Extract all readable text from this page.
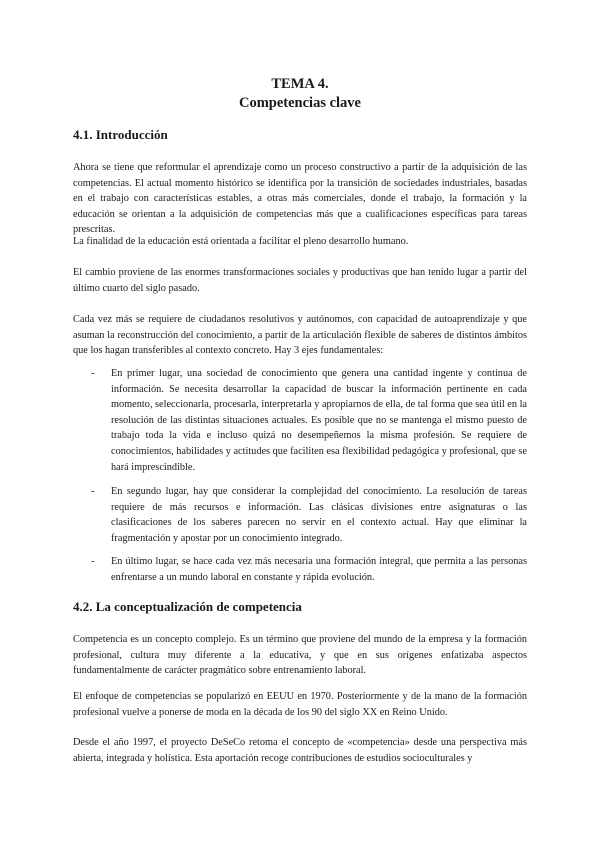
TEMA 4.
Competencias clave
4.1. Introducción

Ahora se tiene que reformular el aprendizaje como un proceso constructivo a partir de la adquisición de las competencias. El actual momento histórico se identifica por la transición de sociedades industriales, basadas en el trabajo con características estables, a otras más comerciales, donde el trabajo, la formación y la educación se orientan a la adquisición de competencias más que a cualificaciones específicas para tareas prescritas.

La finalidad de la educación está orientada a facilitar el pleno desarrollo humano.

El cambio proviene de las enormes transformaciones sociales y productivas que han tenido lugar a partir del último cuarto del siglo pasado.

Cada vez más se requiere de ciudadanos resolutivos y autónomos, con capacidad de autoaprendizaje y que asuman la reconstrucción del conocimiento, a partir de la articulación flexible de saberes de distintos ámbitos que los hagan transferibles al contexto concreto. Hay 3 ejes fundamentales:

- En primer lugar, una sociedad de conocimiento que genera una cantidad ingente y continua de información. Se necesita desarrollar la capacidad de buscar la información pertinente en cada momento, seleccionarla, procesarla, interpretarla y apropiarnos de ella, de tal forma que sea útil en la resolución de las distintas situaciones actuales. Es posible que no se mantenga el mismo puesto de trabajo toda la vida e incluso quizá no desempeñemos la misma profesión. Se requiere de conocimientos, habilidades y actitudes que faciliten esa flexibilidad pedagógica y profesional, que se hará imprescindible.

- En segundo lugar, hay que considerar la complejidad del conocimiento. La resolución de tareas requiere de más recursos e información. Las clásicas divisiones entre asignaturas o las clasificaciones de los saberes parecen no servir en el contexto actual. Hay que eliminar la fragmentación y apostar por un conocimiento integrado.

- En último lugar, se hace cada vez más necesaria una formación integral, que permita a las personas enfrentarse a un mundo laboral en constante y rápida evolución.

4.2. La conceptualización de competencia

Competencia es un concepto complejo. Es un término que proviene del mundo de la empresa y la formación profesional, cultura muy diferente a la educativa, y que en sus orígenes enfatizaba aspectos fundamentalmente de carácter pragmático sobre entrenamiento laboral.

El enfoque de competencias se popularizó en EEUU en 1970. Posteriormente y de la mano de la formación profesional vuelve a ponerse de moda en la década de los 90 del siglo XX en Reino Unido.

Desde el año 1997, el proyecto DeSeCo retoma el concepto de «competencia» desde una perspectiva más abierta, integrada y holística. Esta aportación recoge contribuciones de estudios socioculturales y
